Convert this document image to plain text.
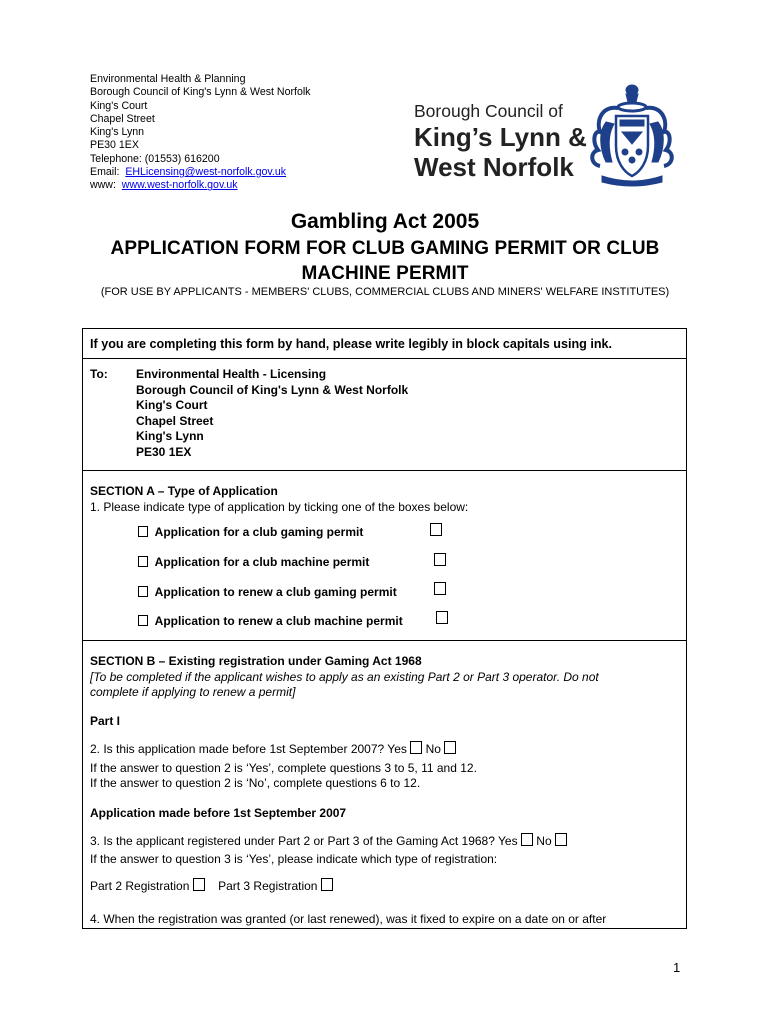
Environmental Health & Planning
Borough Council of King's Lynn & West Norfolk
King's Court
Chapel Street
King's Lynn
PE30 1EX
Telephone: (01553) 616200
Email: EHLicensing@west-norfolk.gov.uk
www: www.west-norfolk.gov.uk
Borough Council of
King’s Lynn &
West Norfolk
Gambling Act 2005
APPLICATION FORM FOR CLUB GAMING PERMIT OR CLUB MACHINE PERMIT
(FOR USE BY APPLICANTS - MEMBERS' CLUBS, COMMERCIAL CLUBS AND MINERS' WELFARE INSTITUTES)
If you are completing this form by hand, please write legibly in block capitals using ink.
To: Environmental Health - Licensing
Borough Council of King's Lynn & West Norfolk
King's Court
Chapel Street
King's Lynn
PE30 1EX
SECTION A – Type of Application
1. Please indicate type of application by ticking one of the boxes below:
Application for a club gaming permit
Application for a club machine permit
Application to renew a club gaming permit
Application to renew a club machine permit
SECTION B – Existing registration under Gaming Act 1968
[To be completed if the applicant wishes to apply as an existing Part 2 or Part 3 operator. Do not
complete if applying to renew a permit]
Part I
2. Is this application made before 1st September 2007? Yes No
If the answer to question 2 is ‘Yes’, complete questions 3 to 5, 11 and 12.
If the answer to question 2 is ‘No’, complete questions 6 to 12.
Application made before 1st September 2007
3. Is the applicant registered under Part 2 or Part 3 of the Gaming Act 1968? Yes No
If the answer to question 3 is ‘Yes’, please indicate which type of registration:
Part 2 Registration Part 3 Registration
4. When the registration was granted (or last renewed), was it fixed to expire on a date on or after
1
